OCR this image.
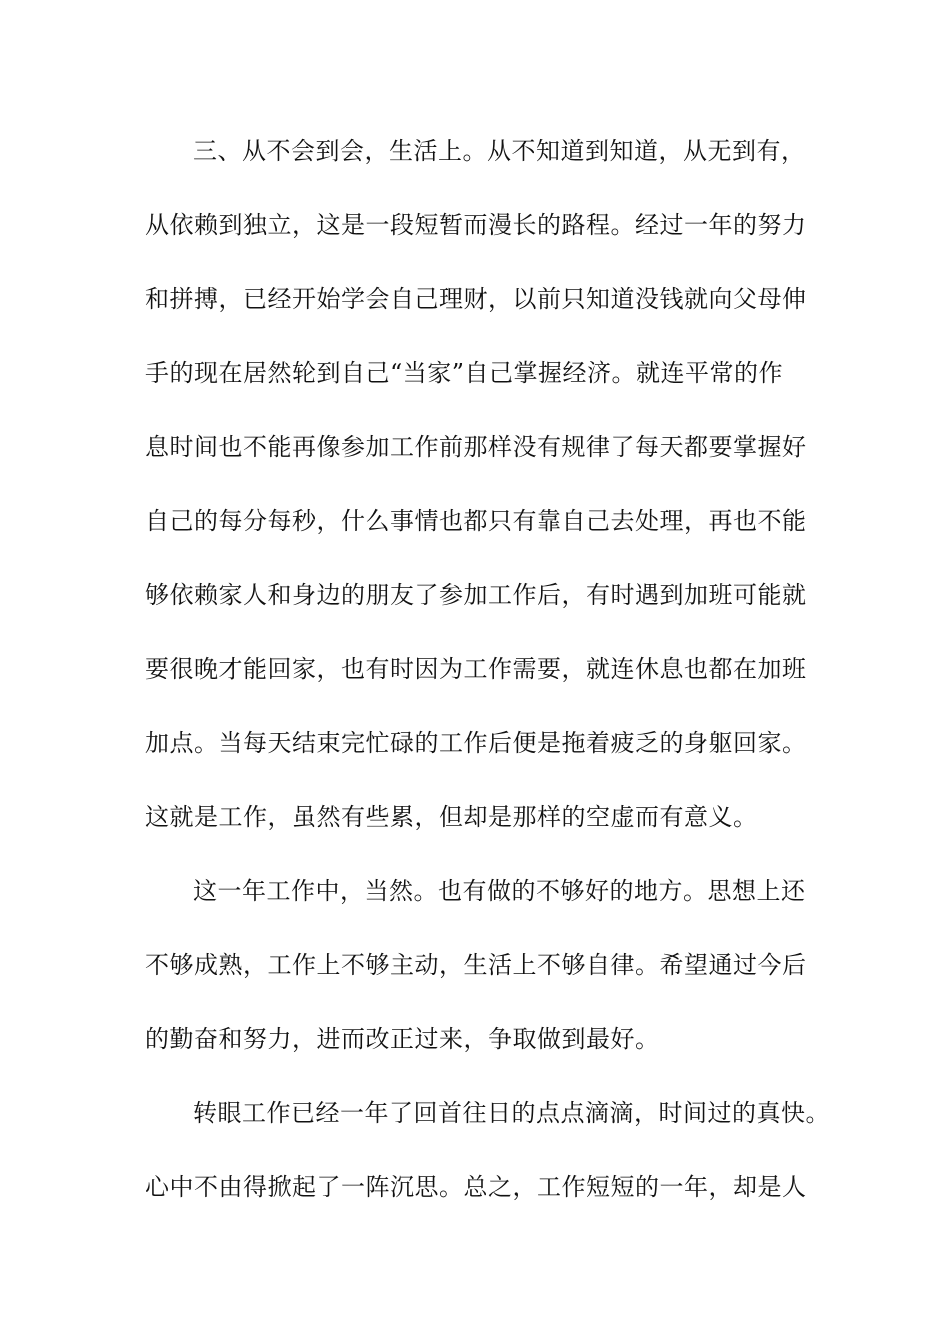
三、从不会到会，生活上。从不知道到知道，从无到有，
从依赖到独立，这是一段短暂而漫长的路程。经过一年的努力
和拼搏，已经开始学会自己理财，以前只知道没钱就向父母伸
手的现在居然轮到自己“当家”自己掌握经济。就连平常的作
息时间也不能再像参加工作前那样没有规律了每天都要掌握好
自己的每分每秒，什么事情也都只有靠自己去处理，再也不能
够依赖家人和身边的朋友了参加工作后，有时遇到加班可能就
要很晚才能回家，也有时因为工作需要，就连休息也都在加班
加点。当每天结束完忙碌的工作后便是拖着疲乏的身躯回家。
这就是工作，虽然有些累，但却是那样的空虚而有意义。
这一年工作中，当然。也有做的不够好的地方。思想上还
不够成熟，工作上不够主动，生活上不够自律。希望通过今后
的勤奋和努力，进而改正过来，争取做到最好。
转眼工作已经一年了回首往日的点点滴滴，时间过的真快。
心中不由得掀起了一阵沉思。总之，工作短短的一年，却是人
